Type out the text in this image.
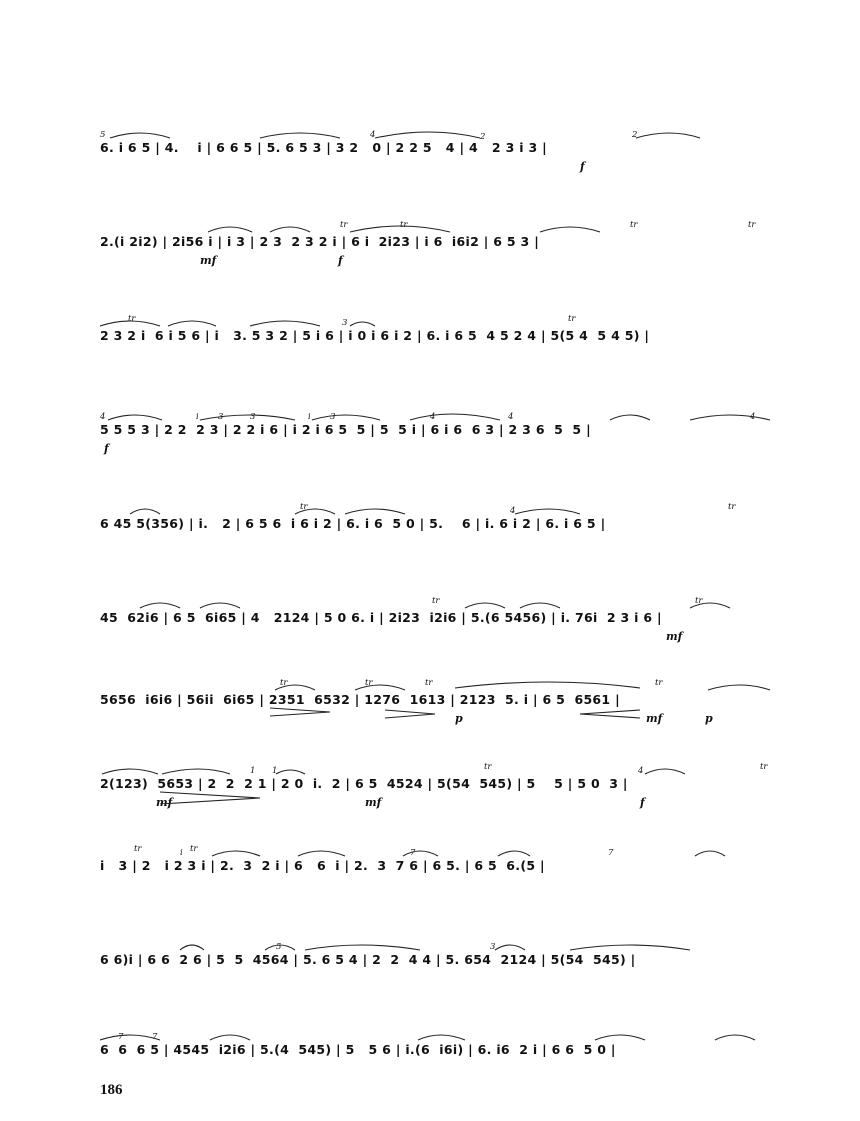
6. i 6 5 | 4.    i | 6 6 5 | 5. 6 5 3 | 3 2   0 | 2 2 5   4 | 4   2 3 i 3 |
f
5	4	2	2
2.(i 2i2) | 2i56 i | i 3 | 2 3  2 3 2 i | 6 i  2i23 | i 6  i6i2 | 6 5 3 |
mf	f
tr	tr	tr	tr
2 3 2 i  6 i 5 6 | i   3. 5 3 2 | 5 i 6 | i 0 i 6 i 2 | 6. i 6 5  4 5 2 4 | 5(5 4  5 4 5) |
tr	3	tr
5 5 5 3 | 2 2  2 3 | 2 2 i 6 | i 2 i 6 5  5 | 5  5 i | 6 i 6  6 3 | 2 3 6  5  5 |
f
4	i 3	3	i 3	4	4	4
6 45 5(356) | i.   2 | 6 5 6  i 6 i 2 | 6. i 6  5 0 | 5.    6 | i. 6 i 2 | 6. i 6 5 |
tr	4	tr
45  62i6 | 6 5  6i65 | 4   2124 | 5 0 6. i | 2i23  i2i6 | 5.(6 5456) | i. 76i  2 3 i 6 |
mf
tr	tr
5656  i6i6 | 56ii  6i65 | 2351  6532 | 1276  1613 | 2123  5. i | 6 5  6561 |
p	mf	p
tr	tr	tr	tr
2(123)  5653 | 2  2  2 1 | 2 0  i.  2 | 6 5  4524 | 5(54  545) | 5    5 | 5 0  3 |
mf	mf	f
1 1	tr	4	tr
i   3 | 2   i 2 3 i | 2.  3  2 i | 6   6  i | 2.  3  7 6 | 6 5. | 6 5  6.(5 |
tr	i tr	7	7
6 6)i | 6 6  2 6 | 5  5  4564 | 5. 6 5 4 | 2  2  4 4 | 5. 654  2124 | 5(54  545) |
5	3
6  6  6 5 | 4545  i2i6 | 5.(4  545) | 5   5 6 | i.(6  i6i) | 6. i6  2 i | 6 6  5 0 |
7	7
186
